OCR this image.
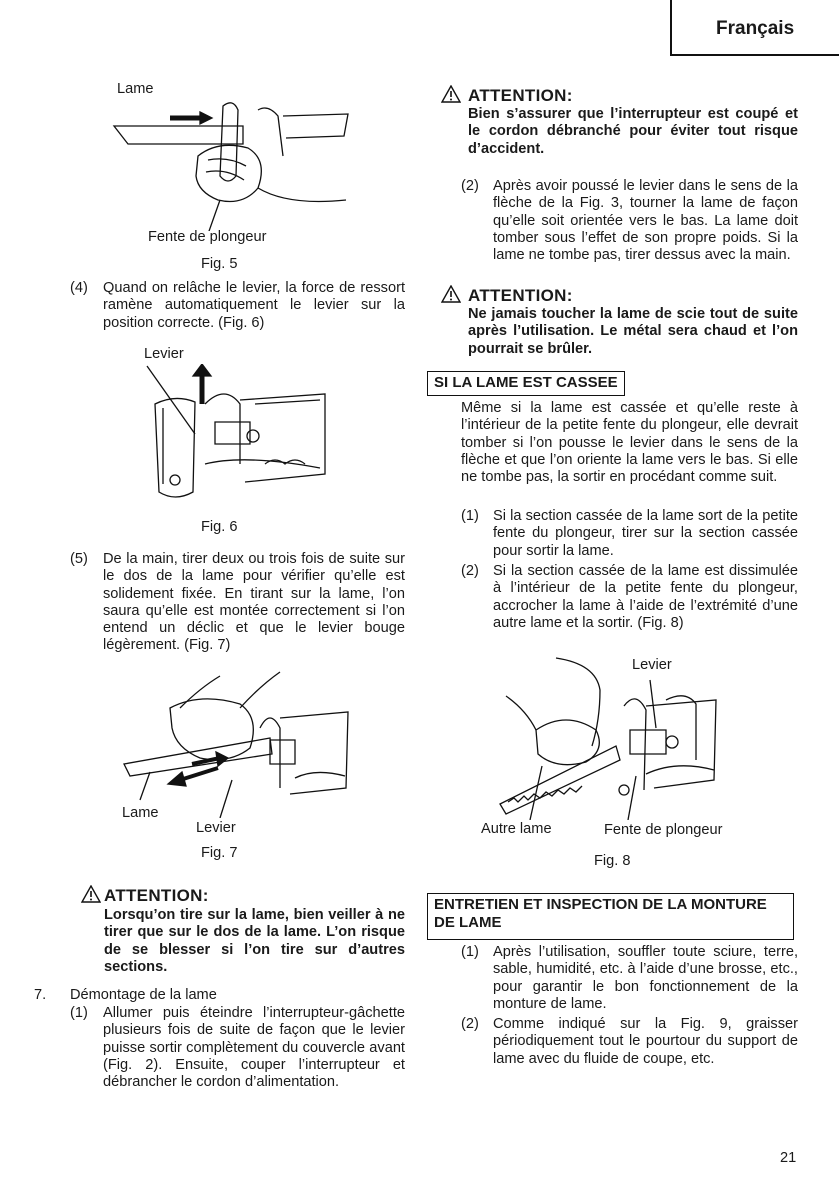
Français
Lame
Fente de plongeur
Fig. 5
(4) Quand on relâche le levier, la force de ressort ramène automatiquement le levier sur la position correcte. (Fig. 6)
Levier
Fig. 6
(5) De la main, tirer deux ou trois fois de suite sur le dos de la lame pour vérifier qu’elle est solidement fixée. En tirant sur la lame, l’on saura qu’elle est montée correctement si l’on entend un déclic et que le levier bouge légèrement. (Fig. 7)
Lame
Levier
Fig. 7
ATTENTION:
Lorsqu’on tire sur la lame, bien veiller à ne tirer que sur le dos de la lame. L’on risque de se blesser si l’on tire sur d’autres sections.
7. Démontage de la lame
(1) Allumer puis éteindre l’interrupteur-gâchette plusieurs fois de suite de façon que le levier puisse sortir complètement du couvercle avant (Fig. 2). Ensuite, couper l’interrupteur et débrancher le cordon d’alimentation.
ATTENTION:
Bien s’assurer que l’interrupteur est coupé et le cordon débranché pour éviter tout risque d’accident.
(2) Après avoir poussé le levier dans le sens de la flèche de la Fig. 3, tourner la lame de façon qu’elle soit orientée vers le bas. La lame doit tomber sous l’effet de son propre poids. Si la lame ne tombe pas, tirer dessus avec la main.
ATTENTION:
Ne jamais toucher la lame de scie tout de suite après l’utilisation. Le métal sera chaud et l’on pourrait se brûler.
SI LA LAME EST CASSEE
Même si la lame est cassée et qu’elle reste à l’intérieur de la petite fente du plongeur, elle devrait tomber si l’on pousse le levier dans le sens de la flèche et que l’on oriente la lame vers le bas. Si elle ne tombe pas, la sortir en procédant comme suit.
(1) Si la section cassée de la lame sort de la petite fente du plongeur, tirer sur la section cassée pour sortir la lame.
(2) Si la section cassée de la lame est dissimulée à l’intérieur de la petite fente du plongeur, accrocher la lame à l’aide de l’extrémité d’une autre lame et la sortir. (Fig. 8)
Levier
Autre lame	Fente de plongeur
Fig. 8
ENTRETIEN ET INSPECTION DE LA MONTURE DE LAME
(1) Après l’utilisation, souffler toute sciure, terre, sable, humidité, etc. à l’aide d’une brosse, etc., pour garantir le bon fonctionnement de la monture de lame.
(2) Comme indiqué sur la Fig. 9, graisser périodiquement tout le pourtour du support de lame avec du fluide de coupe, etc.
21
